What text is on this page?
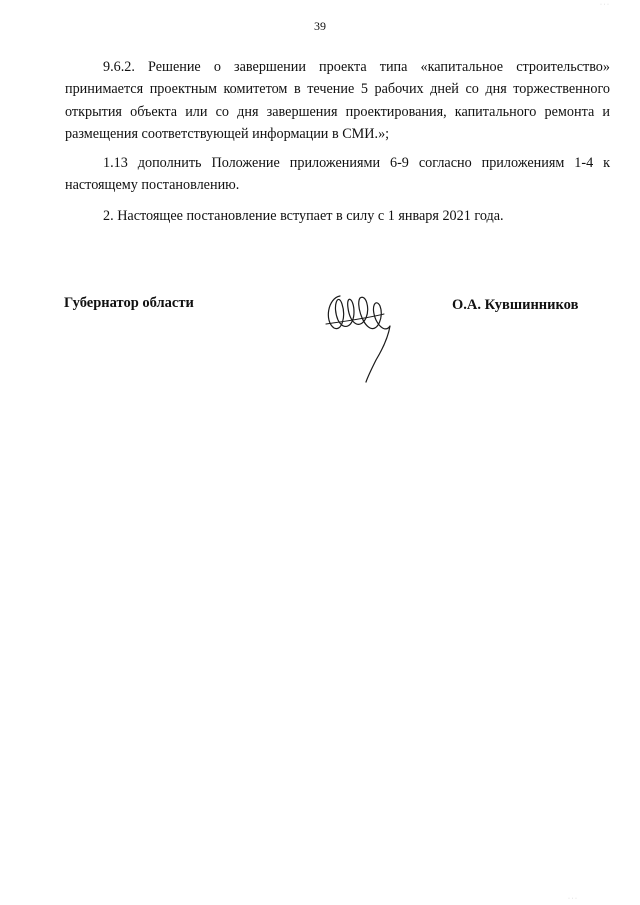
39

9.6.2. Решение о завершении проекта типа «капитальное строительство» принимается проектным комитетом в течение 5 рабочих дней со дня торжественного открытия объекта или со дня завершения проектирования, капитального ремонта и размещения соответствующей информации в СМИ.»;

1.13 дополнить Положение приложениями 6-9 согласно приложениям 1-4 к настоящему постановлению.

2. Настоящее постановление вступает в силу с 1 января 2021 года.

Губернатор области	О.А. Кувшинников
· · ·
· · ·
